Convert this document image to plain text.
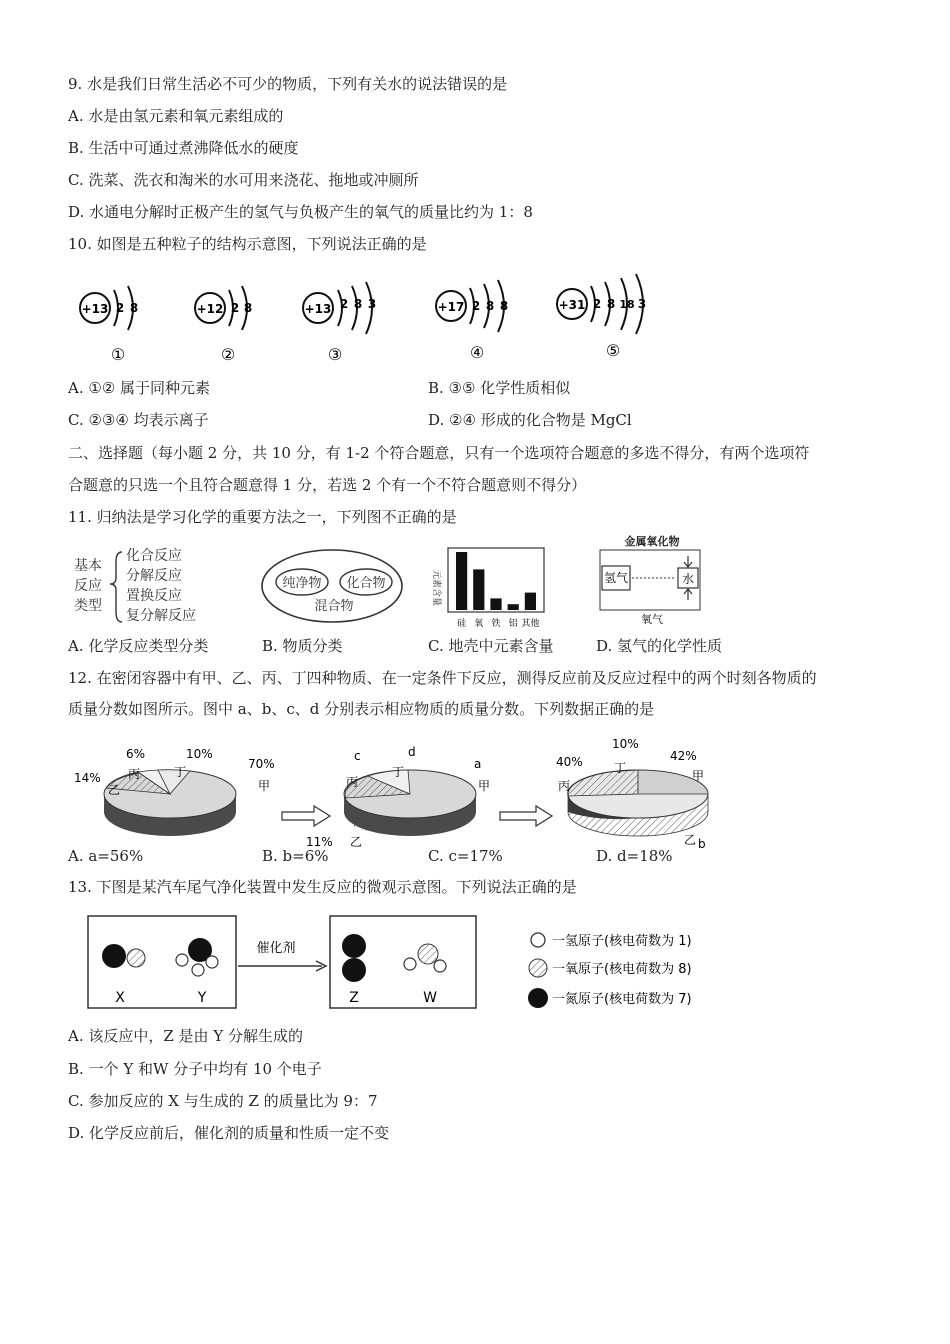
9. 水是我们日常生活必不可少的物质，下列有关水的说法错误的是
A. 水是由氢元素和氧元素组成的
B. 生活中可通过煮沸降低水的硬度
C. 洗菜、洗衣和淘米的水可用来浇花、拖地或冲厕所
D. 水通电分解时正极产生的氢气与负极产生的氧气的质量比约为 1：8
10. 如图是五种粒子的结构示意图，下列说法正确的是
+13 2 8
①
+12 2 8
②
+13 2 8 3
③
+17 2 8 8
④
+31 2 8 18 3
⑤
A. ①② 属于同种元素	B. ③⑤ 化学性质相似
C. ②③④ 均表示离子	D. ②④ 形成的化合物是 MgCl
二、选择题（每小题 2 分，共 10 分，有 1-2 个符合题意，只有一个选项符合题意的多选不得分，有两个选项符
合题意的只选一个且符合题意得 1 分，若选 2 个有一个不符合题意则不得分）
11. 归纳法是学习化学的重要方法之一，下列图不正确的是
基本
反应
类型
化合反应
分解反应
置换反应
复分解反应
纯净物 化合物
混合物
元素含量
硅 氧 铁 铝 其他
金属氧化物
氢气	水
氧气
A. 化学反应类型分类	B. 物质分类	C. 地壳中元素含量	D. 氢气的化学性质
12. 在密闭容器中有甲、乙、丙、丁四种物质、在一定条件下反应，测得反应前及反应过程中的两个时刻各物质的
质量分数如图所示。图中 a、b、c、d 分别表示相应物质的质量分数。下列数据正确的是
70%
甲
14%
乙
6%
丙
10%
丁
c
丙
d
丁
a
甲
11% 乙
40%
丙
10%
丁
42%
甲
乙 b
A. a=56%	B. b=6%	C. c=17%	D. d=18%
13. 下图是某汽车尾气净化装置中发生反应的微观示意图。下列说法正确的是
X	Y
催化剂
Z	W
一氢原子(核电荷数为 1)
一氧原子(核电荷数为 8)
一氮原子(核电荷数为 7)
A. 该反应中，Z 是由 Y 分解生成的
B. 一个 Y 和W 分子中均有 10 个电子
C. 参加反应的 X 与生成的 Z 的质量比为 9：7
D. 化学反应前后，催化剂的质量和性质一定不变
